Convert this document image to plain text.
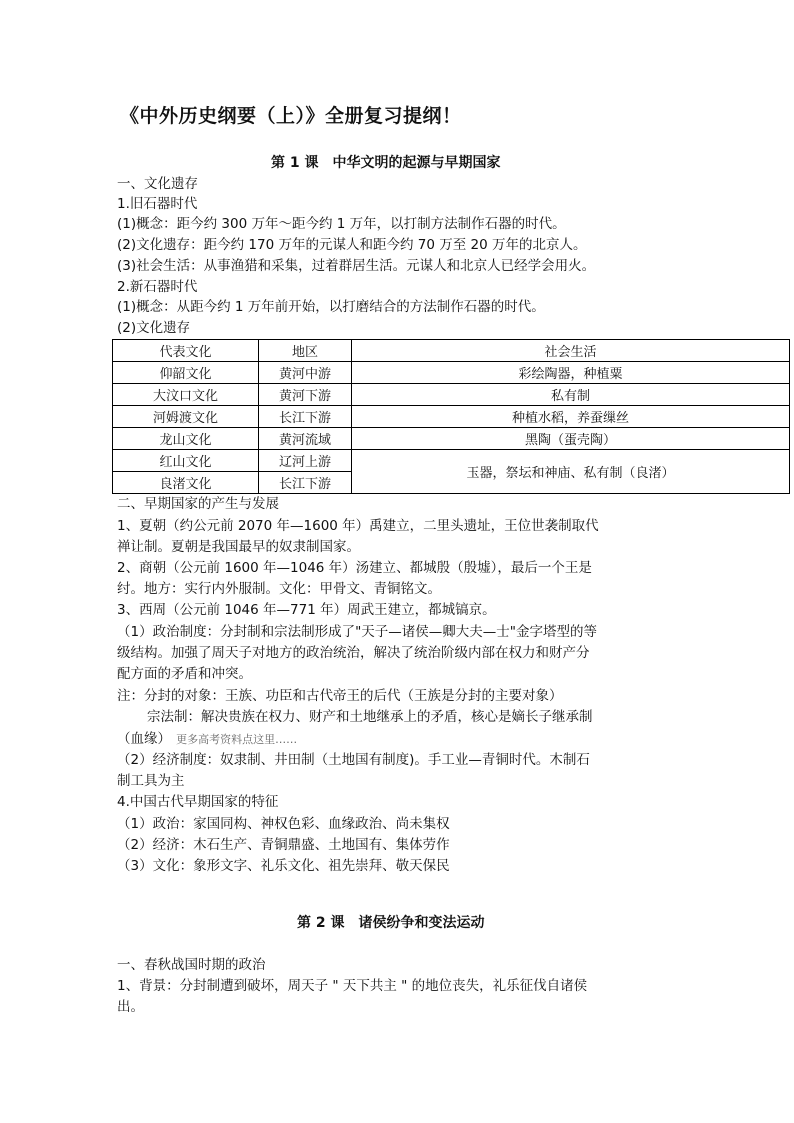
《中外历史纲要（上）》全册复习提纲！
第 1 课　中华文明的起源与早期国家
一、文化遗存
1.旧石器时代
(1)概念：距今约 300 万年～距今约 1 万年，以打制方法制作石器的时代。
(2)文化遗存：距今约 170 万年的元谋人和距今约 70 万至 20 万年的北京人。
(3)社会生活：从事渔猎和采集，过着群居生活。元谋人和北京人已经学会用火。
2.新石器时代
(1)概念：从距今约 1 万年前开始，以打磨结合的方法制作石器的时代。
(2)文化遗存
代表文化	地区	社会生活
仰韶文化	黄河中游	彩绘陶器，种植粟
大汶口文化	黄河下游	私有制
河姆渡文化	长江下游	种植水稻，养蚕缫丝
龙山文化	黄河流域	黑陶（蛋壳陶）
红山文化	辽河上游	玉器，祭坛和神庙、私有制（良渚）
良渚文化	长江下游	
二、早期国家的产生与发展
1、夏朝（约公元前 2070 年—1600 年）禹建立，二里头遗址，王位世袭制取代
禅让制。夏朝是我国最早的奴隶制国家。
2、商朝（公元前 1600 年—1046 年）汤建立、都城殷（殷墟），最后一个王是
纣。地方：实行内外服制。文化：甲骨文、青铜铭文。
3、西周（公元前 1046 年—771 年）周武王建立，都城镐京。
（1）政治制度：分封制和宗法制形成了"天子—诸侯—卿大夫—士"金字塔型的等
级结构。加强了周天子对地方的政治统治，解决了统治阶级内部在权力和财产分
配方面的矛盾和冲突。
注：分封的对象：王族、功臣和古代帝王的后代（王族是分封的主要对象）
宗法制：解决贵族在权力、财产和土地继承上的矛盾，核心是嫡长子继承制
（血缘） 更多高考资料点这里……
（2）经济制度：奴隶制、井田制（土地国有制度)。手工业—青铜时代。木制石
制工具为主
4.中国古代早期国家的特征
（1）政治：家国同构、神权色彩、血缘政治、尚未集权
（2）经济：木石生产、青铜鼎盛、土地国有、集体劳作
（3）文化：象形文字、礼乐文化、祖先崇拜、敬天保民
第 2 课　诸侯纷争和变法运动
一、春秋战国时期的政治
1、背景：分封制遭到破坏，周天子 " 天下共主 " 的地位丧失，礼乐征伐自诸侯
出。
